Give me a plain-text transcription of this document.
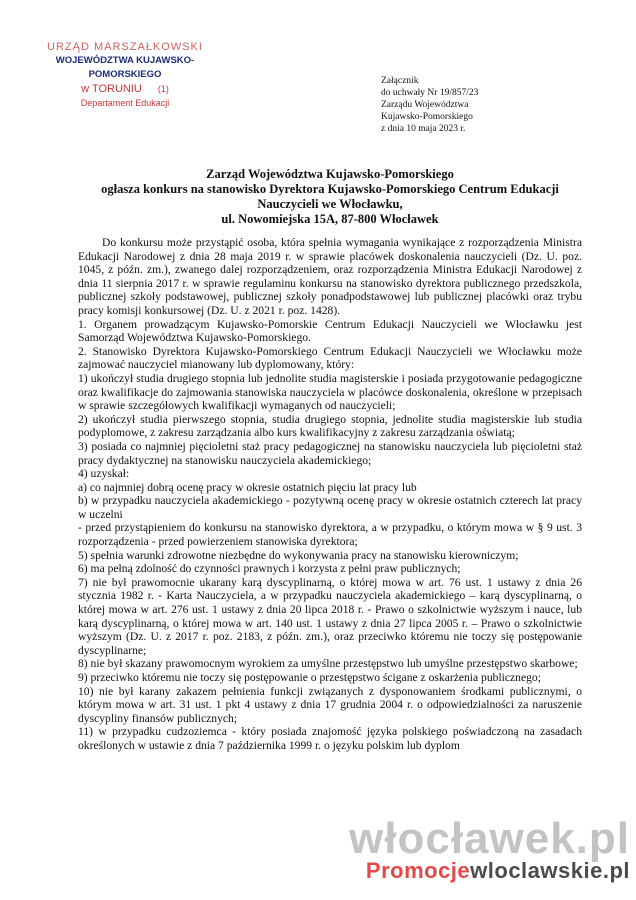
URZĄD MARSZAŁKOWSKI
WOJEWÓDZTWA KUJAWSKO-POMORSKIEGO
w TORUNIU (1)
Departament Edukacji
Załącznik
do uchwały Nr 19/857/23
Zarządu Województwa
Kujawsko-Pomorskiego
z dnia 10 maja 2023 r.
Zarząd Województwa Kujawsko-Pomorskiego
ogłasza konkurs na stanowisko Dyrektora Kujawsko-Pomorskiego Centrum Edukacji
Nauczycieli we Włocławku,
ul. Nowomiejska 15A, 87-800 Włocławek

Do konkursu może przystąpić osoba, która spełnia wymagania wynikające z rozporządzenia Ministra Edukacji Narodowej z dnia 28 maja 2019 r. w sprawie placówek doskonalenia nauczycieli (Dz. U. poz. 1045, z późn. zm.), zwanego dalej rozporządzeniem, oraz rozporządzenia Ministra Edukacji Narodowej z dnia 11 sierpnia 2017 r. w sprawie regulaminu konkursu na stanowisko dyrektora publicznego przedszkola, publicznej szkoły podstawowej, publicznej szkoły ponadpodstawowej lub publicznej placówki oraz trybu pracy komisji konkursowej (Dz. U. z 2021 r. poz. 1428).

1. Organem prowadzącym Kujawsko-Pomorskie Centrum Edukacji Nauczycieli we Włocławku jest Samorząd Województwa Kujawsko-Pomorskiego.

2. Stanowisko Dyrektora Kujawsko-Pomorskiego Centrum Edukacji Nauczycieli we Włocławku może zajmować nauczyciel mianowany lub dyplomowany, który:

1) ukończył studia drugiego stopnia lub jednolite studia magisterskie i posiada przygotowanie pedagogiczne oraz kwalifikacje do zajmowania stanowiska nauczyciela w placówce doskonalenia, określone w przepisach w sprawie szczegółowych kwalifikacji wymaganych od nauczycieli;

2) ukończył studia pierwszego stopnia, studia drugiego stopnia, jednolite studia magisterskie lub studia podyplomowe, z zakresu zarządzania albo kurs kwalifikacyjny z zakresu zarządzania oświatą;

3) posiada co najmniej pięcioletni staż pracy pedagogicznej na stanowisku nauczyciela lub pięcioletni staż pracy dydaktycznej na stanowisku nauczyciela akademickiego;

4) uzyskał:

a) co najmniej dobrą ocenę pracy w okresie ostatnich pięciu lat pracy lub

b) w przypadku nauczyciela akademickiego - pozytywną ocenę pracy w okresie ostatnich czterech lat pracy w uczelni

- przed przystąpieniem do konkursu na stanowisko dyrektora, a w przypadku, o którym mowa w § 9 ust. 3 rozporządzenia - przed powierzeniem stanowiska dyrektora;

5) spełnia warunki zdrowotne niezbędne do wykonywania pracy na stanowisku kierowniczym;

6) ma pełną zdolność do czynności prawnych i korzysta z pełni praw publicznych;

7) nie był prawomocnie ukarany karą dyscyplinarną, o której mowa w art. 76 ust. 1 ustawy z dnia 26 stycznia 1982 r. - Karta Nauczyciela, a w przypadku nauczyciela akademickiego – karą dyscyplinarną, o której mowa w art. 276 ust. 1 ustawy z dnia 20 lipca 2018 r. - Prawo o szkolnictwie wyższym i nauce, lub karą dyscyplinarną, o której mowa w art. 140 ust. 1 ustawy z dnia 27 lipca 2005 r. – Prawo o szkolnictwie wyższym (Dz. U. z 2017 r. poz. 2183, z późn. zm.), oraz przeciwko któremu nie toczy się postępowanie dyscyplinarne;

8) nie był skazany prawomocnym wyrokiem za umyślne przestępstwo lub umyślne przestępstwo skarbowe;

9) przeciwko któremu nie toczy się postępowanie o przestępstwo ścigane z oskarżenia publicznego;

10) nie był karany zakazem pełnienia funkcji związanych z dysponowaniem środkami publicznymi, o którym mowa w art. 31 ust. 1 pkt 4 ustawy z dnia 17 grudnia 2004 r. o odpowiedzialności za naruszenie dyscypliny finansów publicznych;

11) w przypadku cudzoziemca - który posiada znajomość języka polskiego poświadczoną na zasadach określonych w ustawie z dnia 7 października 1999 r. o języku polskim lub dyplom

włocławek.pl
Promocjewloclawskie.pl
